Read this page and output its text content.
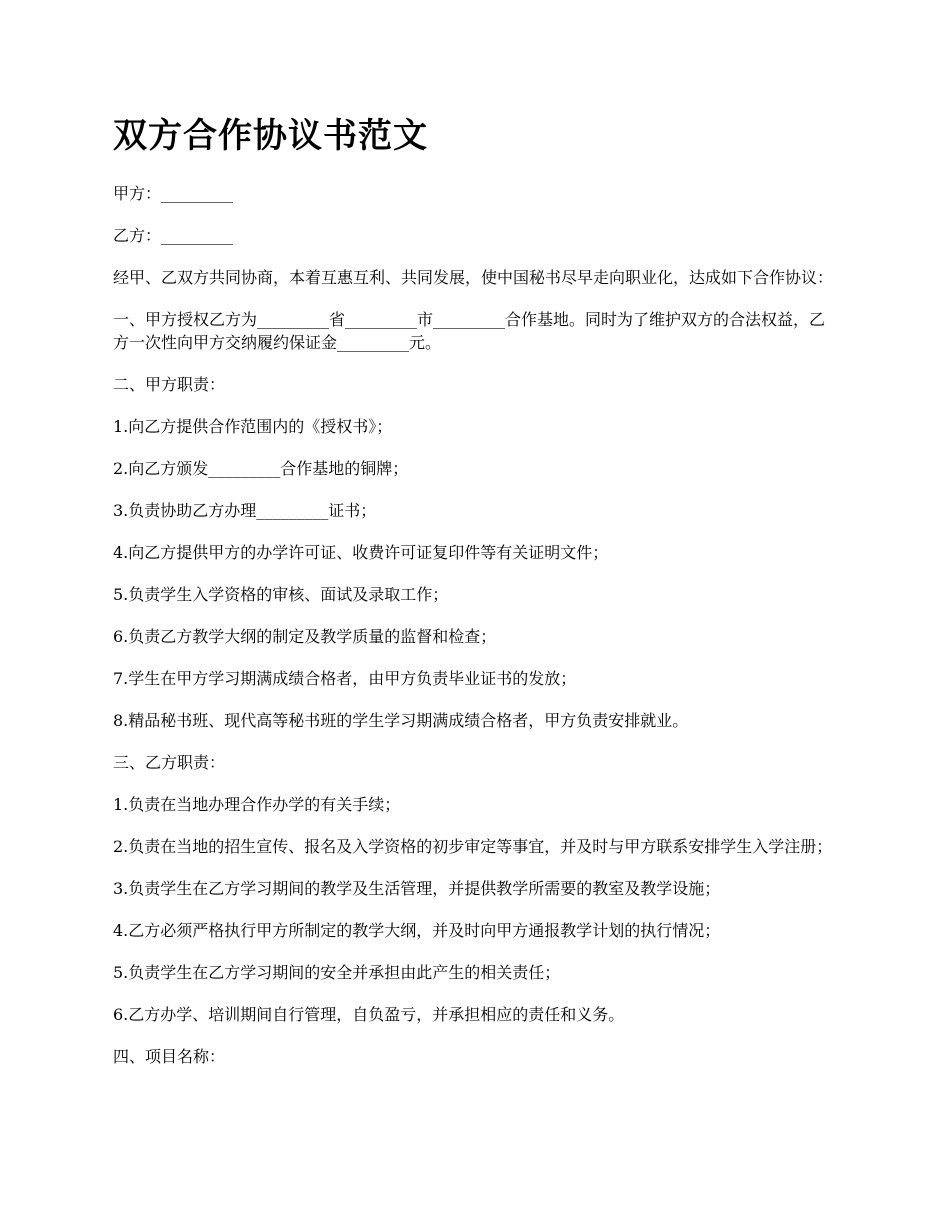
双方合作协议书范文

甲方：_________

乙方：_________

经甲、乙双方共同协商，本着互惠互利、共同发展，使中国秘书尽早走向职业化，达成如下合作协议：

一、甲方授权乙方为_________省_________市_________合作基地。同时为了维护双方的合法权益，乙方一次性向甲方交纳履约保证金_________元。

二、甲方职责：

1.向乙方提供合作范围内的《授权书》；

2.向乙方颁发_________合作基地的铜牌；

3.负责协助乙方办理_________证书；

4.向乙方提供甲方的办学许可证、收费许可证复印件等有关证明文件；

5.负责学生入学资格的审核、面试及录取工作；

6.负责乙方教学大纲的制定及教学质量的监督和检查；

7.学生在甲方学习期满成绩合格者，由甲方负责毕业证书的发放；

8.精品秘书班、现代高等秘书班的学生学习期满成绩合格者，甲方负责安排就业。

三、乙方职责：

1.负责在当地办理合作办学的有关手续；

2.负责在当地的招生宣传、报名及入学资格的初步审定等事宜，并及时与甲方联系安排学生入学注册；

3.负责学生在乙方学习期间的教学及生活管理，并提供教学所需要的教室及教学设施；

4.乙方必须严格执行甲方所制定的教学大纲，并及时向甲方通报教学计划的执行情况；

5.负责学生在乙方学习期间的安全并承担由此产生的相关责任；

6.乙方办学、培训期间自行管理，自负盈亏，并承担相应的责任和义务。

四、项目名称：
